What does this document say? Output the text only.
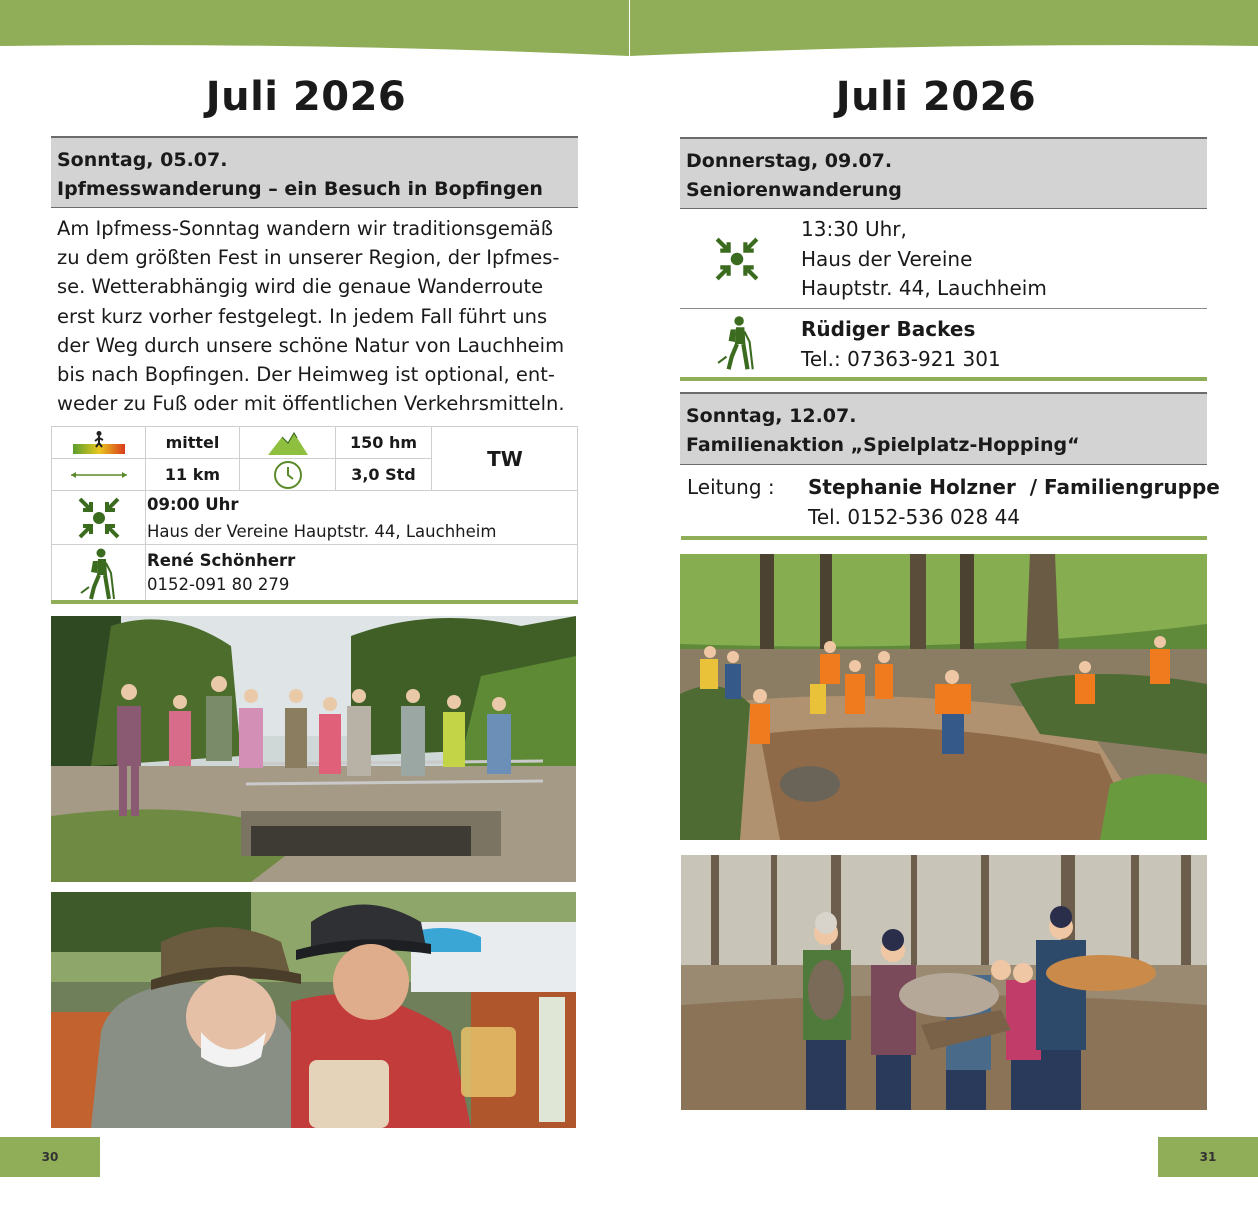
Juli 2026
Sonntag, 05.07.
Ipfmesswanderung – ein Besuch in Bopfingen

Am Ipfmess-Sonntag wandern wir traditionsgemäß

zu dem größten Fest in unserer Region, der Ipfmes-

se. Wetterabhängig wird die genaue Wanderroute

erst kurz vorher festgelegt. In jedem Fall führt uns

der Weg durch unsere schöne Natur von Lauchheim

bis nach Bopfingen. Der Heimweg ist optional, ent-

weder zu Fuß oder mit öffentlichen Verkehrsmitteln.

mittel	150 hm
11 km	3,0 Std
TW
09:00 Uhr
Haus der Vereine Hauptstr. 44, Lauchheim
René Schönherr
0152-091 80 279
30
Juli 2026
Donnerstag, 09.07.
Seniorenwanderung
13:30 Uhr,
Haus der Vereine
Hauptstr. 44, Lauchheim
Rüdiger Backes
Tel.: 07363-921 301
Sonntag, 12.07.
Familienaktion „Spielplatz-Hopping“
Leitung : Stephanie Holzner  / Familiengruppe
Tel. 0152-536 028 44
31
